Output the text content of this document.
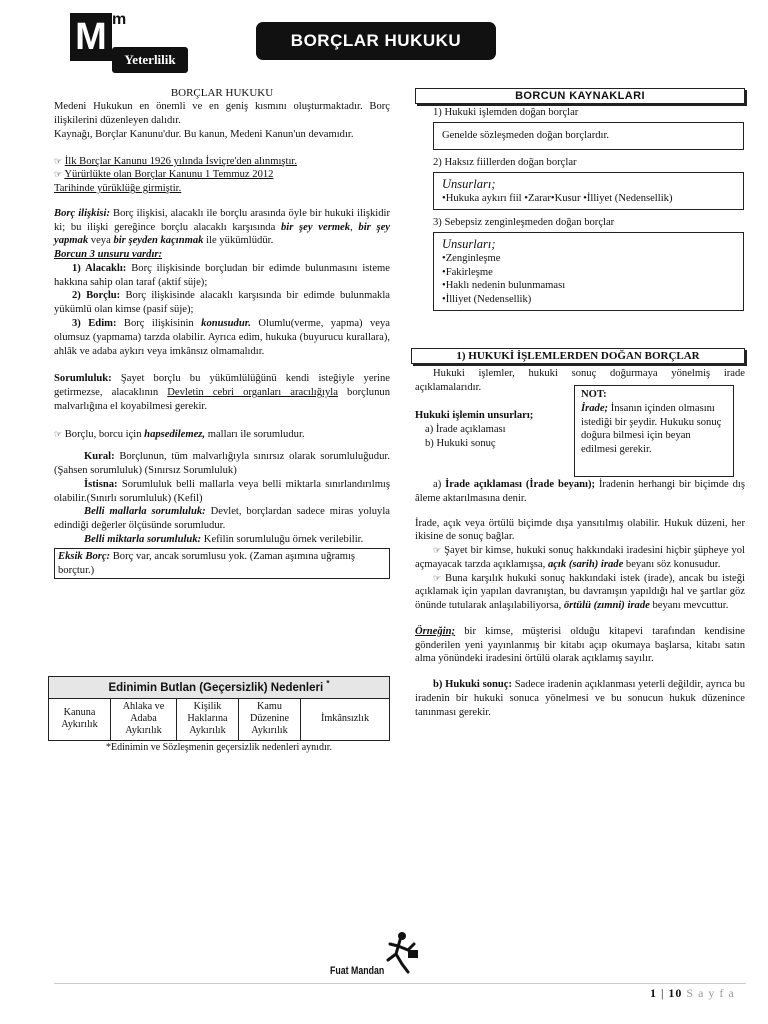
M m
Yeterlilik
BORÇLAR HUKUKU
BORÇLAR HUKUKU
Medeni Hukukun en önemli ve en geniş kısmını oluşturmaktadır. Borç ilişkilerini düzenleyen dalıdır.
Kaynağı, Borçlar Kanunu'dur. Bu kanun, Medeni Kanun'un devamıdır.
☞ İlk Borçlar Kanunu 1926 yılında İsviçre'den alınmıştır.
☞ Yürürlükte olan Borçlar Kanunu 1 Temmuz 2012
Tarihinde yürüklüğe girmiştir.
Borç ilişkisi: Borç ilişkisi, alacaklı ile borçlu arasında öyle bir hukuki ilişkidir ki; bu ilişki gereğince borçlu alacaklı karşısında bir şey vermek, bir şey yapmak veya bir şeyden kaçınmak ile yükümlüdür.
Borcun 3 unsuru vardır:
1) Alacaklı: Borç ilişkisinde borçludan bir edimde bulunmasını isteme hakkına sahip olan taraf (aktif süje);
2) Borçlu: Borç ilişkisinde alacaklı karşısında bir edimde bulunmakla yükümlü olan kimse (pasif süje);
3) Edim: Borç ilişkisinin konusudur. Olumlu(verme, yapma) veya olumsuz (yapmama) tarzda olabilir. Ayrıca edim, hukuka (buyurucu kurallara), ahlâk ve adaba aykırı veya imkânsız olmamalıdır.
Sorumluluk: Şayet borçlu bu yükümlülüğünü kendi isteğiyle yerine getirmezse, alacaklının Devletin cebri organları aracılığıyla borçlunun malvarlığına el koyabilmesi gerekir.
☞ Borçlu, borcu için hapsedilemez, malları ile sorumludur.
Kural: Borçlunun, tüm malvarlığıyla sınırsız olarak sorumluluğudur.(Şahsen sorumluluk) (Sınırsız Sorumluluk)
İstisna: Sorumluluk belli mallarla veya belli miktarla sınırlandırılmış olabilir.(Sınırlı sorumluluk) (Kefil)
Belli mallarla sorumluluk: Devlet, borçlardan sadece miras yoluyla edindiği değerler ölçüsünde sorumludur.
Belli miktarla sorumluluk: Kefilin sorumluluğu örnek verilebilir.
Eksik Borç: Borç var, ancak sorumlusu yok. (Zaman aşımına uğramış borçtur.)
Edinimin Butlan (Geçersizlik) Nedenleri *
Kanuna Aykırılık	Ahlaka ve Adaba Aykırılık	Kişilik Haklarına Aykırılık	Kamu Düzenine Aykırılık	İmkânsızlık
*Edinimin ve Sözleşmenin geçersizlik nedenleri aynıdır.
BORCUN KAYNAKLARI
1) Hukuki işlemden doğan borçlar
Genelde sözleşmeden doğan borçlardır.
2) Haksız fiillerden doğan borçlar
Unsurları;
•Hukuka aykırı fiil •Zarar•Kusur •İlliyet (Nedensellik)
3) Sebepsiz zenginleşmeden doğan borçlar
Unsurları;
•Zenginleşme
•Fakirleşme
•Haklı nedenin bulunmaması
•İlliyet (Nedensellik)
1) HUKUKİ İŞLEMLERDEN DOĞAN BORÇLAR
Hukuki işlemler, hukuki sonuç doğurmaya yönelmiş irade açıklamalarıdır.
Hukuki işlemin unsurları;
a) İrade açıklaması
b) Hukuki sonuç
NOT:
İrade; İnsanın içinden olmasını istediği bir şeydir. Hukuku sonuç doğura bilmesi için beyan edilmesi gerekir.
a) İrade açıklaması (İrade beyanı); İradenin herhangi bir biçimde dış âleme aktarılmasına denir.
İrade, açık veya örtülü biçimde dışa yansıtılmış olabilir. Hukuk düzeni, her ikisine de sonuç bağlar.
☞ Şayet bir kimse, hukuki sonuç hakkındaki iradesini hiçbir şüpheye yol açmayacak tarzda açıklamışsa, açık (sarih) irade beyanı söz konusudur.
☞ Buna karşılık hukuki sonuç hakkındaki istek (irade), ancak bu isteği açıklamak için yapılan davranıştan, bu davranışın yapıldığı hal ve şartlar göz önünde tutularak anlaşılabiliyorsa, örtülü (zımni) irade beyanı mevcuttur.
Örneğin; bir kimse, müşterisi olduğu kitapevi tarafından kendisine gönderilen yeni yayınlanmış bir kitabı açıp okumaya başlarsa, kitabı satın alma yönündeki iradesini örtülü olarak açıklamış sayılır.
b) Hukuki sonuç: Sadece iradenin açıklanması yeterli değildir, ayrıca bu iradenin bir hukuki sonuca yönelmesi ve bu sonucun hukuk düzenince tanınması gerekir.
Fuat Mandan
1 | 10 S a y f a
